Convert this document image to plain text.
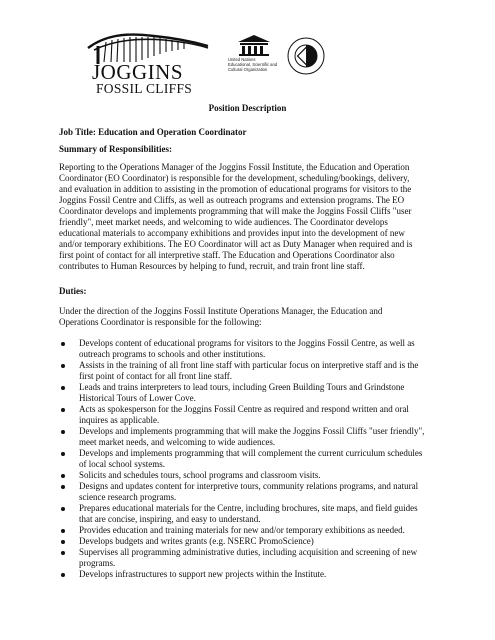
JOGGINS
FOSSIL CLIFFS
United Nations
Educational, Scientific and
Cultural Organization
Position Description
Job Title: Education and Operation Coordinator
Summary of Responsibilities:
Reporting to the Operations Manager of the Joggins Fossil Institute, the Education and Operation
Coordinator (EO Coordinator) is responsible for the development, scheduling/bookings, delivery,
and evaluation in addition to assisting in the promotion of educational programs for visitors to the
Joggins Fossil Centre and Cliffs, as well as outreach programs and extension programs. The EO
Coordinator develops and implements programming that will make the Joggins Fossil Cliffs "user
friendly", meet market needs, and welcoming to wide audiences. The Coordinator develops
educational materials to accompany exhibitions and provides input into the development of new
and/or temporary exhibitions. The EO Coordinator will act as Duty Manager when required and is
first point of contact for all interpretive staff. The Education and Operations Coordinator also
contributes to Human Resources by helping to fund, recruit, and train front line staff.
Duties:
Under the direction of the Joggins Fossil Institute Operations Manager, the Education and
Operations Coordinator is responsible for the following:
Develops content of educational programs for visitors to the Joggins Fossil Centre, as well as
outreach programs to schools and other institutions.
Assists in the training of all front line staff with particular focus on interpretive staff and is the
first point of contact for all front line staff.
Leads and trains interpreters to lead tours, including Green Building Tours and Grindstone
Historical Tours of Lower Cove.
Acts as spokesperson for the Joggins Fossil Centre as required and respond written and oral
inquires as applicable.
Develops and implements programming that will make the Joggins Fossil Cliffs "user friendly",
meet market needs, and welcoming to wide audiences.
Develops and implements programming that will complement the current curriculum schedules
of local school systems.
Solicits and schedules tours, school programs and classroom visits.
Designs and updates content for interpretive tours, community relations programs, and natural
science research programs.
Prepares educational materials for the Centre, including brochures, site maps, and field guides
that are concise, inspiring, and easy to understand.
Provides education and training materials for new and/or temporary exhibitions as needed.
Develops budgets and writes grants (e.g. NSERC PromoScience)
Supervises all programming administrative duties, including acquisition and screening of new
programs.
Develops infrastructures to support new projects within the Institute.
